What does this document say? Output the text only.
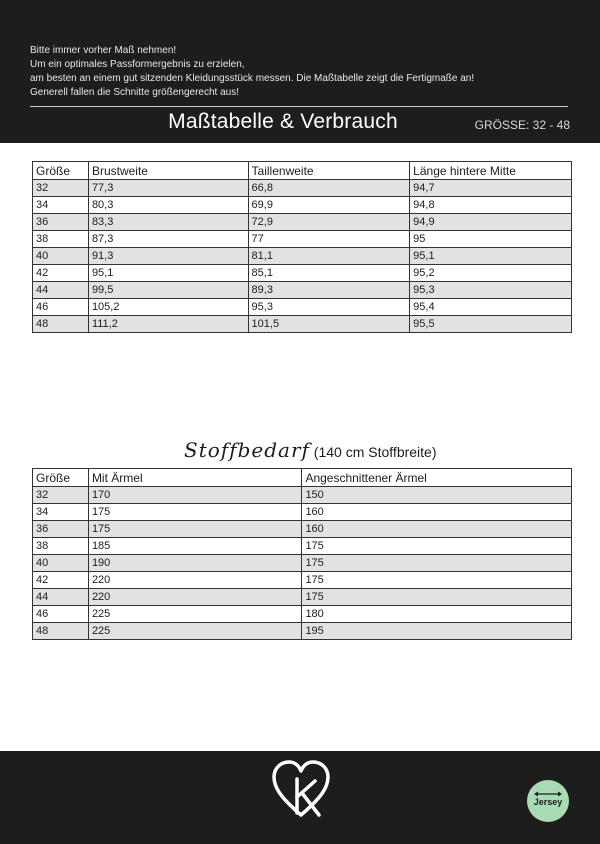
Bitte immer vorher Maß nehmen!
Um ein optimales Passformergebnis zu erzielen,
am besten an einem gut sitzenden Kleidungsstück messen. Die Maßtabelle zeigt die Fertigmaße an!
Generell fallen die Schnitte größengerecht aus!
Maßtabelle & Verbrauch	GRÖSSE: 32 - 48
Größe	Brustweite	Taillenweite	Länge hintere Mitte
32	77,3	66,8	94,7
34	80,3	69,9	94,8
36	83,3	72,9	94,9
38	87,3	77	95
40	91,3	81,1	95,1
42	95,1	85,1	95,2
44	99,5	89,3	95,3
46	105,2	95,3	95,4
48	111,2	101,5	95,5
Stoffbedarf (140 cm Stoffbreite)
Größe	Mit Ärmel	Angeschnittener Ärmel
32	170	150
34	175	160
36	175	160
38	185	175
40	190	175
42	220	175
44	220	175
46	225	180
48	225	195
Jersey
